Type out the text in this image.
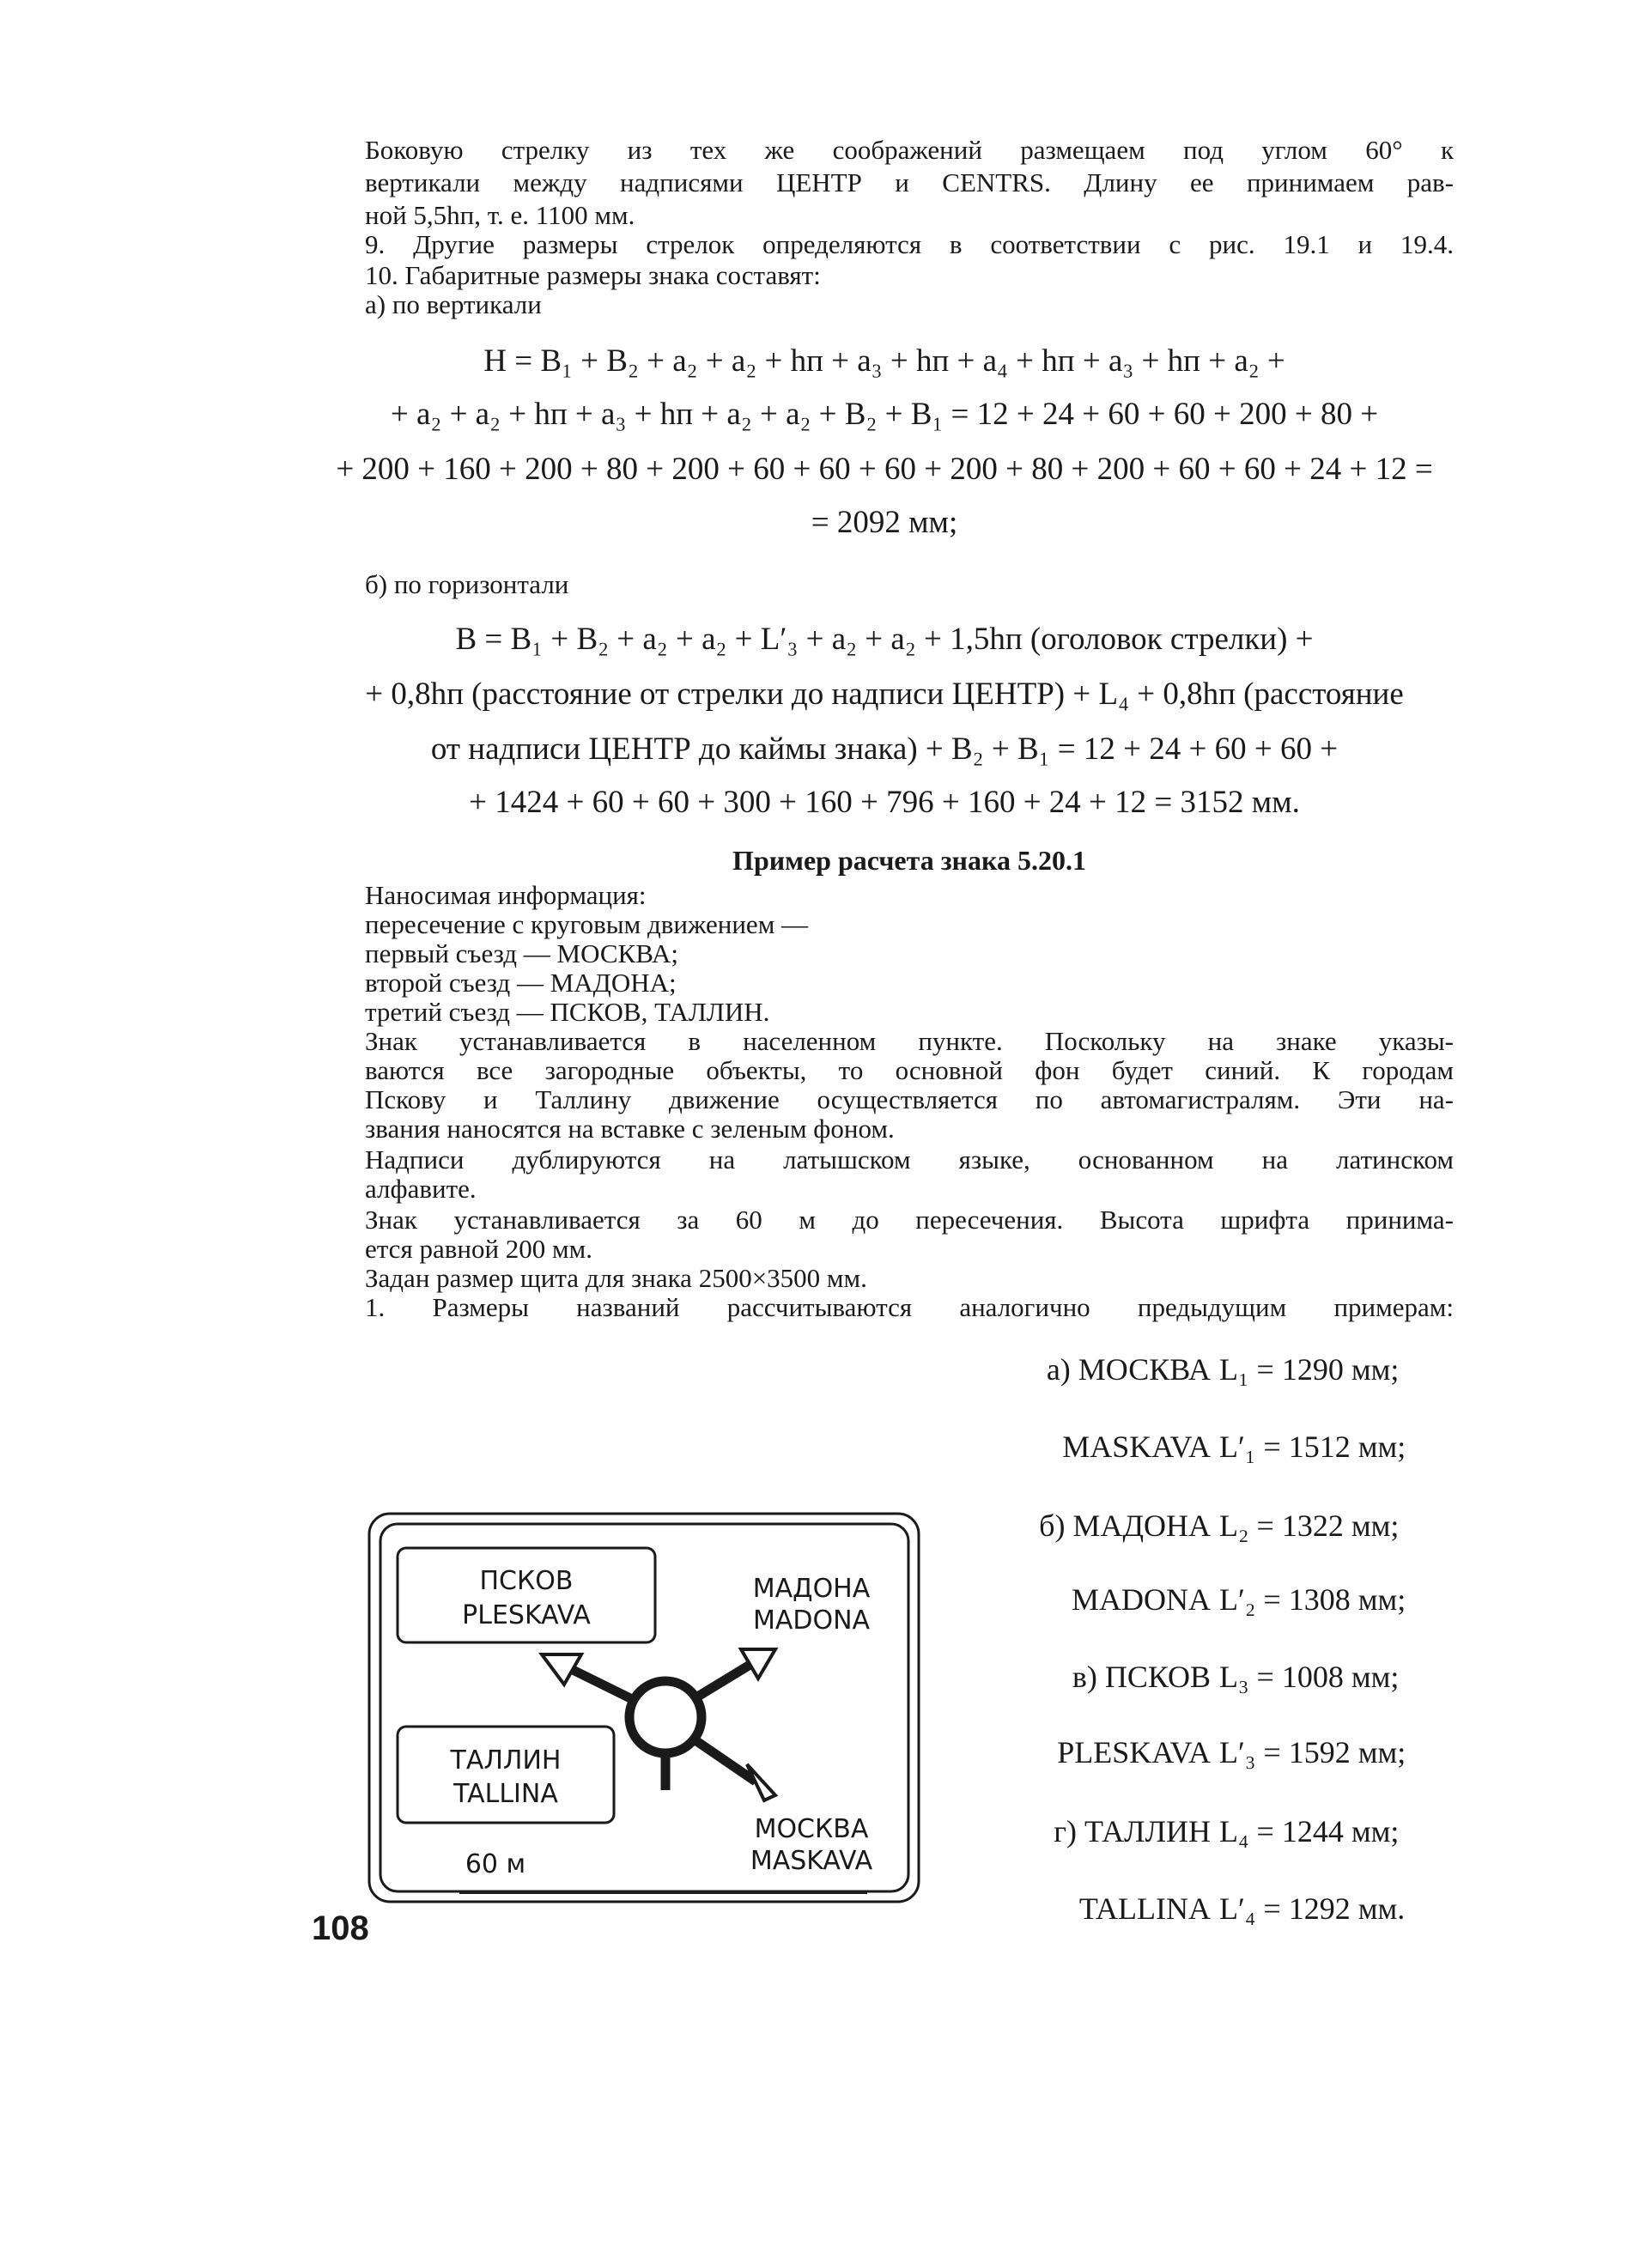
Боковую стрелку из тех же соображений размещаем под углом 60° к
вертикали между надписями ЦЕНТР и CENTRS. Длину ее принимаем рав-
ной 5,5hп, т. е. 1100 мм.
9. Другие размеры стрелок определяются в соответствии с рис. 19.1 и 19.4.
10. Габаритные размеры знака составят:
а) по вертикали
H = B₁ + B₂ + a₂ + a₂ + hп + a₃ + hп + a₄ + hп + a₃ + hп + a₂ +
+ a₂ + a₂ + hп + a₃ + hп + a₂ + a₂ + B₂ + B₁ = 12 + 24 + 60 + 60 + 200 + 80 +
+ 200 + 160 + 200 + 80 + 200 + 60 + 60 + 60 + 200 + 80 + 200 + 60 + 60 + 24 + 12 =
= 2092 мм;
б) по горизонтали
B = B₁ + B₂ + a₂ + a₂ + L′₃ + a₂ + a₂ + 1,5hп (оголовок стрелки) +
+ 0,8hп (расстояние от стрелки до надписи ЦЕНТР) + L₄ + 0,8hп (расстояние
от надписи ЦЕНТР до каймы знака) + B₂ + B₁ = 12 + 24 + 60 + 60 +
+ 1424 + 60 + 60 + 300 + 160 + 796 + 160 + 24 + 12 = 3152 мм.
Пример расчета знака 5.20.1
Наносимая информация:
пересечение с круговым движением —
первый съезд — МОСКВА;
второй съезд — МАДОНА;
третий съезд — ПСКОВ, ТАЛЛИН.
Знак устанавливается в населенном пункте. Поскольку на знаке указы-
ваются все загородные объекты, то основной фон будет синий. К городам
Пскову и Таллину движение осуществляется по автомагистралям. Эти на-
звания наносятся на вставке с зеленым фоном.
Надписи дублируются на латышском языке, основанном на латинском
алфавите.
Знак устанавливается за 60 м до пересечения. Высота шрифта принима-
ется равной 200 мм.
Задан размер щита для знака 2500×3500 мм.
1. Размеры названий рассчитываются аналогично предыдущим примерам:
а) МОСКВА L₁ = 1290 мм;
MASKAVA L′₁ = 1512 мм;
б) МАДОНА L₂ = 1322 мм;
MADONA L′₂ = 1308 мм;
в) ПСКОВ L₃ = 1008 мм;
PLESKAVA L′₃ = 1592 мм;
г) ТАЛЛИН L₄ = 1244 мм;
TALLINA L′₄ = 1292 мм.
ПСКОВ
PLESKAVA
МАДОНА
MADONA
ТАЛЛИН
TALLINA
МОСКВА
MASKAVA
60 м
108
